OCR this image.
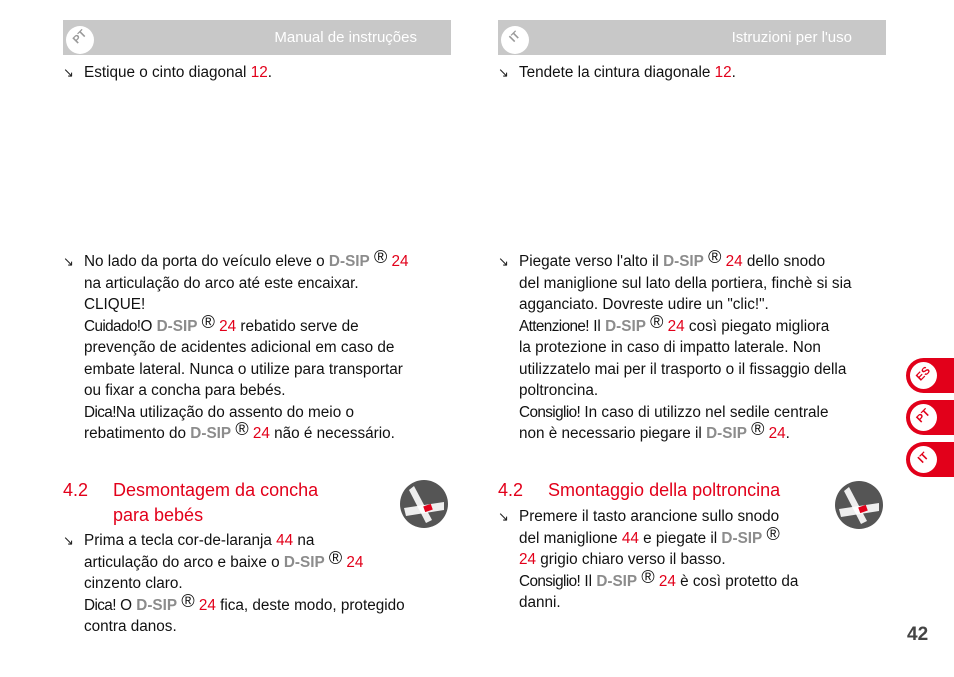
PT	Manual de instruções
↘ Estique o cinto diagonal 12.
↘ No lado da porta do veículo eleve o D-SIP ® 24
na articulação do arco até este encaixar.
CLIQUE!
Cuidado!O D-SIP ® 24 rebatido serve de
prevenção de acidentes adicional em caso de
embate lateral. Nunca o utilize para transportar
ou fixar a concha para bebés.
Dica!Na utilização do assento do meio o
rebatimento do D-SIP ® 24 não é necessário.
4.2 Desmontagem da concha
para bebés
↘ Prima a tecla cor-de-laranja 44 na
articulação do arco e baixe o D-SIP ® 24
cinzento claro.
Dica! O D-SIP ® 24 fica, deste modo, protegido
contra danos.
IT	Istruzioni per l'uso
↘ Tendete la cintura diagonale 12.
↘ Piegate verso l'alto il D-SIP ® 24 dello snodo
del maniglione sul lato della portiera, finchè si sia
agganciato. Dovreste udire un "clic!".
Attenzione! Il D-SIP ® 24 così piegato migliora
la protezione in caso di impatto laterale. Non
utilizzatelo mai per il trasporto o il fissaggio della
poltroncina.
Consiglio! In caso di utilizzo nel sedile centrale
non è necessario piegare il D-SIP ® 24.
4.2 Smontaggio della poltroncina
↘ Premere il tasto arancione sullo snodo
del maniglione 44 e piegate il D-SIP ®
24 grigio chiaro verso il basso.
Consiglio! Il D-SIP ® 24 è così protetto da
danni.
ES
PT
IT
42
